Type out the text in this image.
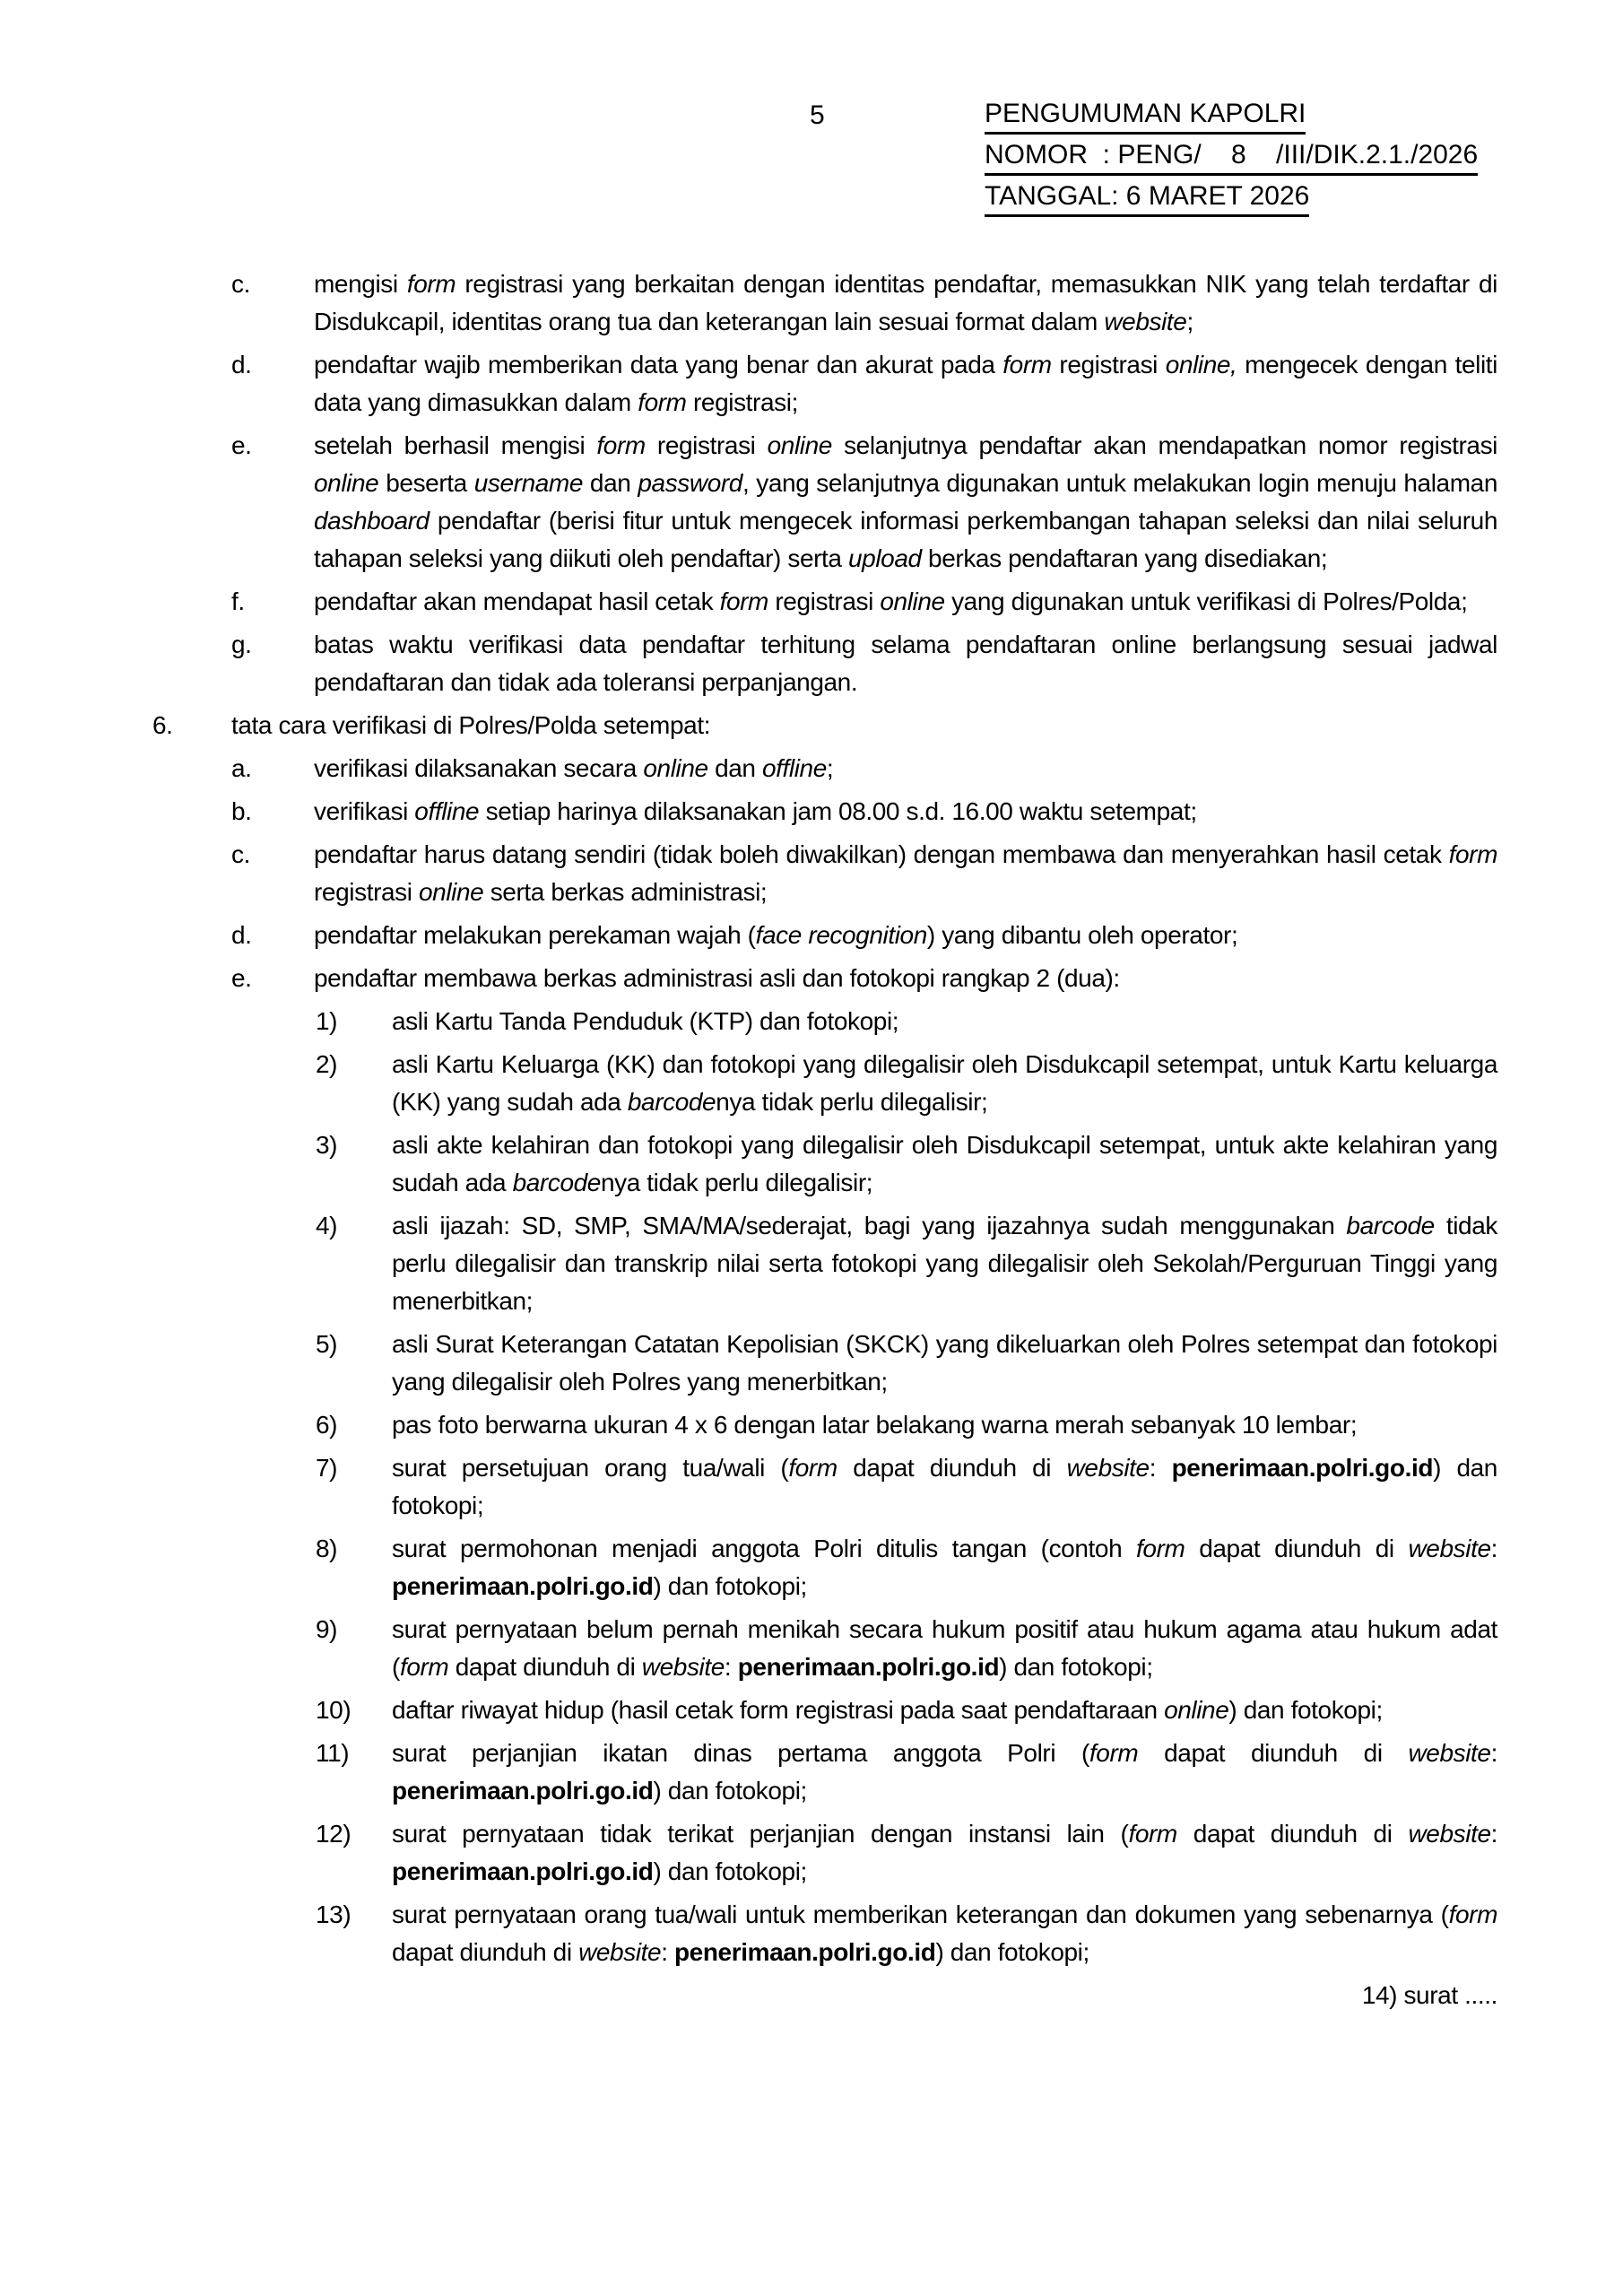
5	PENGUMUMAN KAPOLRI
NOMOR  : PENG/    8    /III/DIK.2.1./2026
TANGGAL: 6 MARET 2026
c.	mengisi form registrasi yang berkaitan dengan identitas pendaftar, memasukkan NIK yang telah terdaftar di Disdukcapil, identitas orang tua dan keterangan lain sesuai format dalam website;
d. pendaftar wajib memberikan data yang benar dan akurat pada form registrasi online, mengecek dengan teliti data yang dimasukkan dalam form registrasi;
e. setelah berhasil mengisi form registrasi online selanjutnya pendaftar akan mendapatkan nomor registrasi online beserta username dan password, yang selanjutnya digunakan untuk melakukan login menuju halaman dashboard pendaftar (berisi fitur untuk mengecek informasi perkembangan tahapan seleksi dan nilai seluruh tahapan seleksi yang diikuti oleh pendaftar) serta upload berkas pendaftaran yang disediakan;
f.	pendaftar akan mendapat hasil cetak form registrasi online yang digunakan untuk verifikasi di Polres/Polda;
g. batas waktu verifikasi data pendaftar terhitung selama pendaftaran online berlangsung sesuai jadwal pendaftaran dan tidak ada toleransi perpanjangan.
6. tata cara verifikasi di Polres/Polda setempat:
a. verifikasi dilaksanakan secara online dan offline;
b. verifikasi offline setiap harinya dilaksanakan jam 08.00 s.d. 16.00 waktu setempat;
c.	pendaftar harus datang sendiri (tidak boleh diwakilkan) dengan membawa dan menyerahkan hasil cetak form registrasi online serta berkas administrasi;
d. pendaftar melakukan perekaman wajah (face recognition) yang dibantu oleh operator;
e. pendaftar membawa berkas administrasi asli dan fotokopi rangkap 2 (dua):
1) asli Kartu Tanda Penduduk (KTP) dan fotokopi;
2) asli Kartu Keluarga (KK) dan fotokopi yang dilegalisir oleh Disdukcapil setempat, untuk Kartu keluarga (KK) yang sudah ada barcodenya tidak perlu dilegalisir;
3) asli akte kelahiran dan fotokopi yang dilegalisir oleh Disdukcapil setempat, untuk akte kelahiran yang sudah ada barcodenya tidak perlu dilegalisir;
4) asli ijazah: SD, SMP, SMA/MA/sederajat, bagi yang ijazahnya sudah menggunakan barcode tidak perlu dilegalisir dan transkrip nilai serta fotokopi yang dilegalisir oleh Sekolah/Perguruan Tinggi yang menerbitkan;
5) asli Surat Keterangan Catatan Kepolisian (SKCK) yang dikeluarkan oleh Polres setempat dan fotokopi yang dilegalisir oleh Polres yang menerbitkan;
6) pas foto berwarna ukuran 4 x 6 dengan latar belakang warna merah sebanyak 10 lembar;
7) surat persetujuan orang tua/wali (form dapat diunduh di website: penerimaan.polri.go.id) dan fotokopi;
8) surat permohonan menjadi anggota Polri ditulis tangan (contoh form dapat diunduh di website: penerimaan.polri.go.id) dan fotokopi;
9) surat pernyataan belum pernah menikah secara hukum positif atau hukum agama atau hukum adat (form dapat diunduh di website: penerimaan.polri.go.id) dan fotokopi;
10) daftar riwayat hidup (hasil cetak form registrasi pada saat pendaftaraan online) dan fotokopi;
11) surat perjanjian ikatan dinas pertama anggota Polri (form dapat diunduh di website: penerimaan.polri.go.id) dan fotokopi;
12) surat pernyataan tidak terikat perjanjian dengan instansi lain (form dapat diunduh di website: penerimaan.polri.go.id) dan fotokopi;
13) surat pernyataan orang tua/wali untuk memberikan keterangan dan dokumen yang sebenarnya (form dapat diunduh di website: penerimaan.polri.go.id) dan fotokopi;
14) surat .....
